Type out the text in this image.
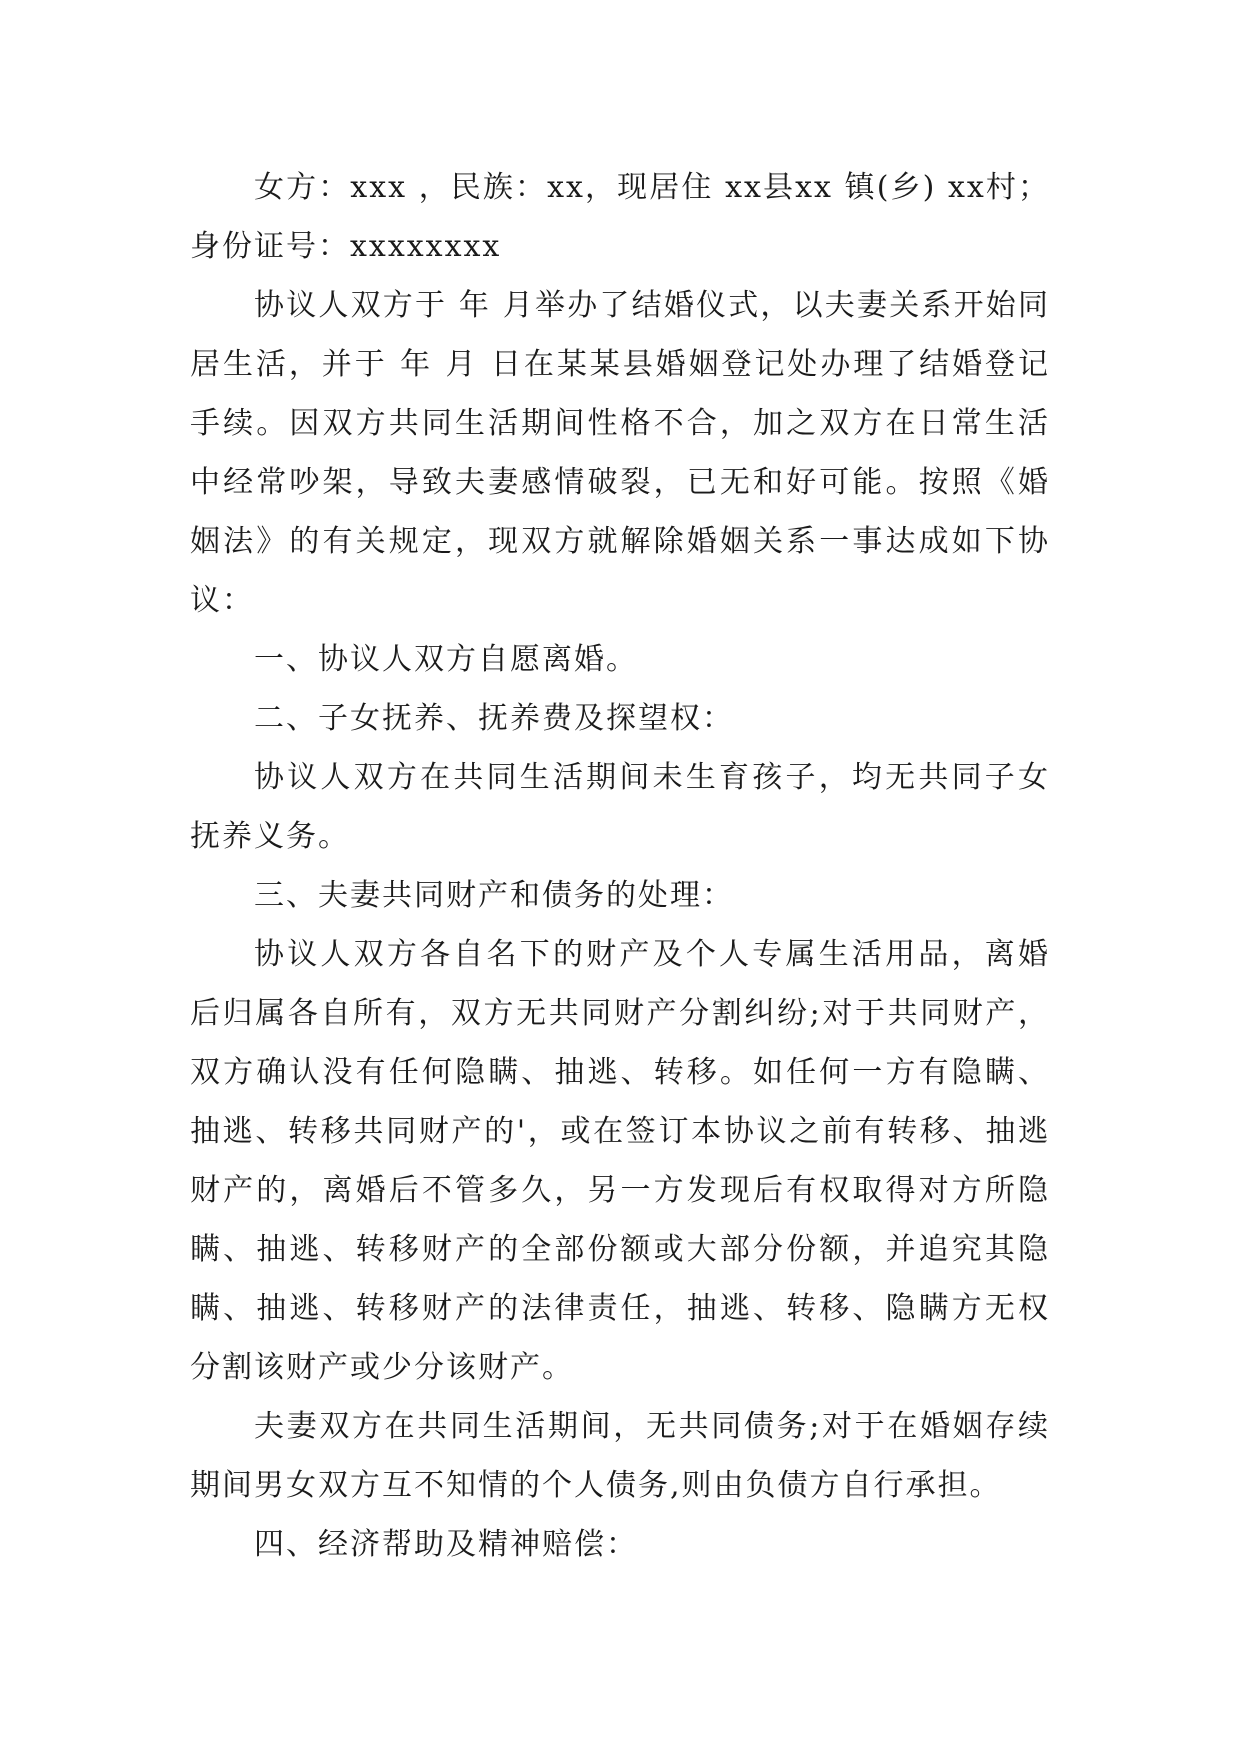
女方：xxx ，民族：xx，现居住 xx县xx 镇(乡) xx村；身份证号：xxxxxxxx

协议人双方于 年 月举办了结婚仪式，以夫妻关系开始同居生活，并于 年 月 日在某某县婚姻登记处办理了结婚登记手续。因双方共同生活期间性格不合，加之双方在日常生活中经常吵架，导致夫妻感情破裂，已无和好可能。按照《婚姻法》的有关规定，现双方就解除婚姻关系一事达成如下协议：

一、协议人双方自愿离婚。

二、子女抚养、抚养费及探望权：

协议人双方在共同生活期间未生育孩子，均无共同子女抚养义务。

三、夫妻共同财产和债务的处理：

协议人双方各自名下的财产及个人专属生活用品，离婚后归属各自所有，双方无共同财产分割纠纷;对于共同财产，双方确认没有任何隐瞒、抽逃、转移。如任何一方有隐瞒、抽逃、转移共同财产的'，或在签订本协议之前有转移、抽逃财产的，离婚后不管多久，另一方发现后有权取得对方所隐瞒、抽逃、转移财产的全部份额或大部分份额，并追究其隐瞒、抽逃、转移财产的法律责任，抽逃、转移、隐瞒方无权分割该财产或少分该财产。

夫妻双方在共同生活期间，无共同债务;对于在婚姻存续期间男女双方互不知情的个人债务,则由负债方自行承担。

四、经济帮助及精神赔偿：
